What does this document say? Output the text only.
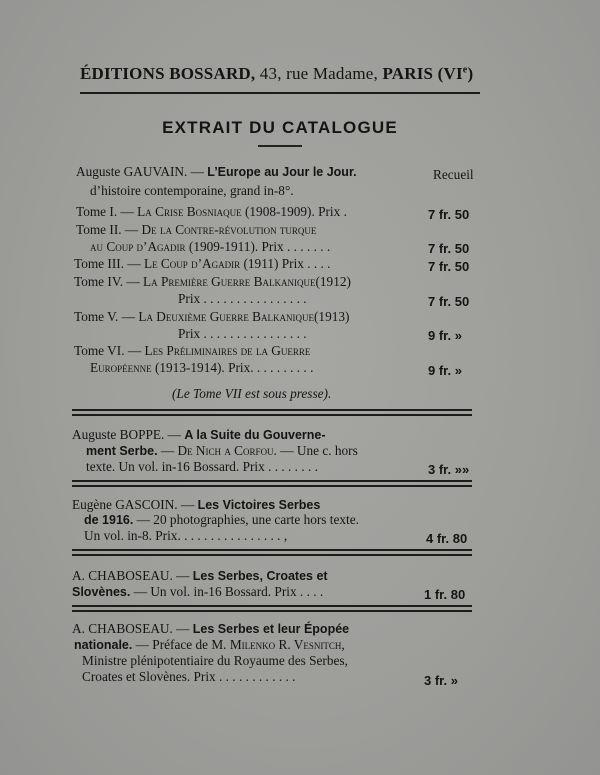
ÉDITIONS BOSSARD, 43, rue Madame, PARIS (VIe)
EXTRAIT DU CATALOGUE
Auguste GAUVAIN. — L’Europe au Jour le Jour.	Recueil
d’histoire contemporaine, grand in-8°.
Tome I. — La Crise Bosniaque (1908-1909). Prix .	7 fr. 50
Tome II. — De la Contre-révolution turque
au Coup d’Agadir (1909-1911). Prix . . . . . . .	7 fr. 50
Tome III. — Le Coup d’Agadir (1911) Prix . . . .	7 fr. 50
Tome IV. — La Première Guerre Balkanique(1912)
Prix . . . . . . . . . . . . . . . .	7 fr. 50
Tome V. — La Deuxième Guerre Balkanique(1913)
Prix . . . . . . . . . . . . . . . .	9 fr. »
Tome VI. — Les Préliminaires de la Guerre
Européenne (1913-1914). Prix. . . . . . . . . .	9 fr. »
(Le Tome VII est sous presse).
Auguste BOPPE. — A la Suite du Gouverne-
ment Serbe. — De Nich a Corfou. — Une c. hors
texte. Un vol. in-16 Bossard. Prix . . . . . . . .	3 fr. »»
Eugène GASCOIN. — Les Victoires Serbes
de 1916. — 20 photographies, une carte hors texte.
Un vol. in-8. Prix. . . . . . . . . . . . . . . . ,	4 fr. 80
A. CHABOSEAU. — Les Serbes, Croates et
Slovènes. — Un vol. in-16 Bossard. Prix . . . .	1 fr. 80
A. CHABOSEAU. — Les Serbes et leur Épopée
nationale. — Préface de M. Milenko R. Vesnitch,
Ministre plénipotentiaire du Royaume des Serbes,
Croates et Slovènes. Prix . . . . . . . . . . . .	3 fr. »
